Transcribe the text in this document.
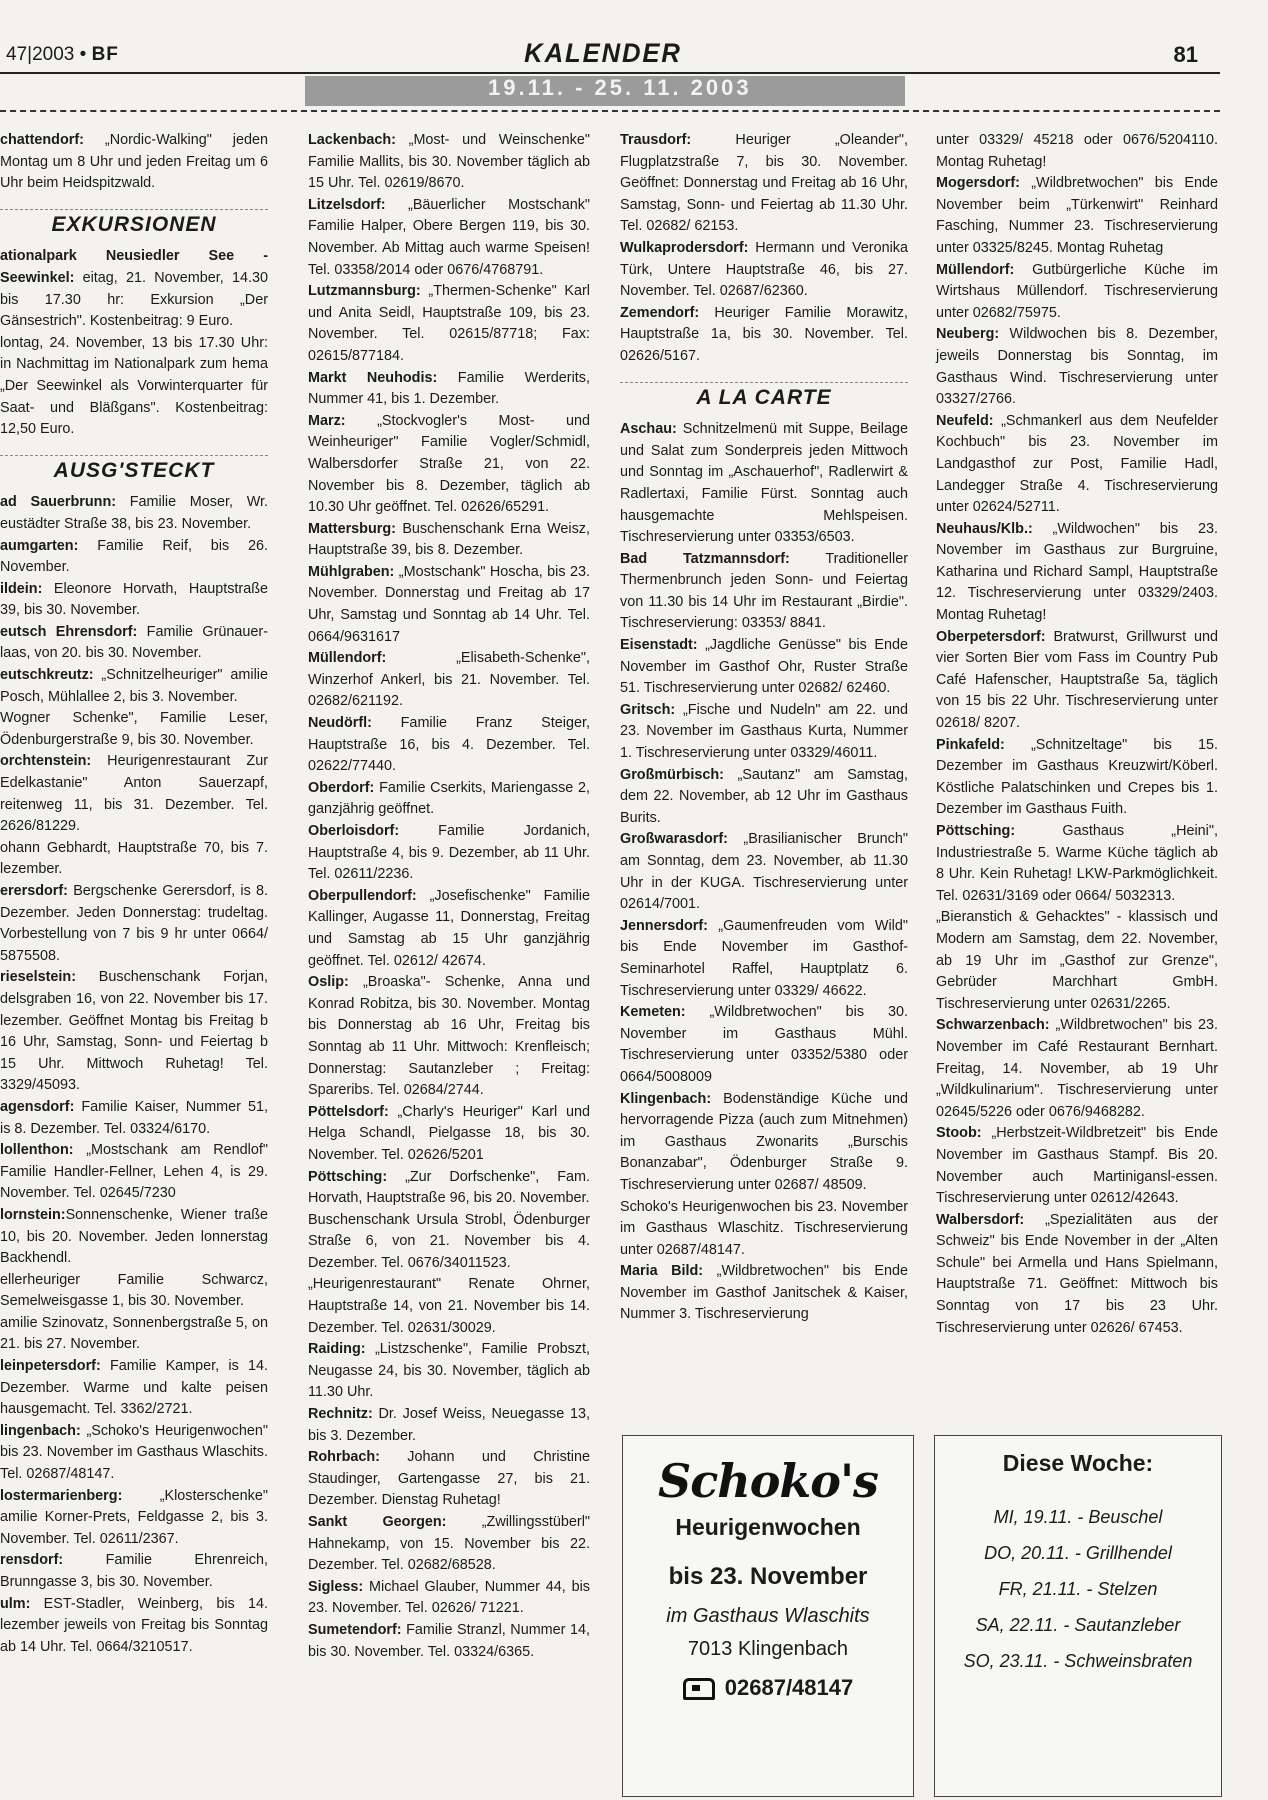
47|2003 • BF	KALENDER	81
19.11. - 25. 11. 2003

chattendorf: „Nordic-Walking" jeden Montag um 8 Uhr und jeden Freitag um 6 Uhr beim Heidspitzwald.

EXKURSIONEN

ationalpark Neusiedler See - Seewinkel: eitag, 21. November, 14.30 bis 17.30 hr: Exkursion „Der Gänsestrich". Kostenbeitrag: 9 Euro.

lontag, 24. November, 13 bis 17.30 Uhr: in Nachmittag im Nationalpark zum hema „Der Seewinkel als Vorwinterquarter für Saat- und Bläßgans". Kostenbeitrag: 12,50 Euro.

AUSG'STECKT

ad Sauerbrunn: Familie Moser, Wr. eustädter Straße 38, bis 23. November.

aumgarten: Familie Reif, bis 26. November.

ildein: Eleonore Horvath, Hauptstraße 39, bis 30. November.

eutsch Ehrensdorf: Familie Grünauer-laas, von 20. bis 30. November.

eutschkreutz: „Schnitzelheuriger" amilie Posch, Mühlallee 2, bis 3. November.

Wogner Schenke", Familie Leser, Ödenburgerstraße 9, bis 30. November.

orchtenstein: Heurigenrestaurant Zur Edelkastanie" Anton Sauerzapf, reitenweg 11, bis 31. Dezember. Tel. 2626/81229.

ohann Gebhardt, Hauptstraße 70, bis 7. lezember.

erersdorf: Bergschenke Gerersdorf, is 8. Dezember. Jeden Donnerstag: trudeltag. Vorbestellung von 7 bis 9 hr unter 0664/ 5875508.

rieselstein: Buschenschank Forjan, delsgraben 16, von 22. November bis 17. lezember. Geöffnet Montag bis Freitag b 16 Uhr, Samstag, Sonn- und Feiertag b 15 Uhr. Mittwoch Ruhetag! Tel. 3329/45093.

agensdorf: Familie Kaiser, Nummer 51, is 8. Dezember. Tel. 03324/6170.

lollenthon: „Mostschank am Rendlof" Familie Handler-Fellner, Lehen 4, is 29. November. Tel. 02645/7230

lornstein:Sonnenschenke, Wiener traße 10, bis 20. November. Jeden lonnerstag Backhendl.

ellerheuriger Familie Schwarcz, Semelweisgasse 1, bis 30. November.

amilie Szinovatz, Sonnenbergstraße 5, on 21. bis 27. November.

leinpetersdorf: Familie Kamper, is 14. Dezember. Warme und kalte peisen hausgemacht. Tel. 3362/2721.

lingenbach: „Schoko's Heurigenwochen" bis 23. November im Gasthaus Wlaschits. Tel. 02687/48147.

lostermarienberg: „Klosterschenke" amilie Korner-Prets, Feldgasse 2, bis 3. November. Tel. 02611/2367.

rensdorf: Familie Ehrenreich, Brunngasse 3, bis 30. November.

ulm: EST-Stadler, Weinberg, bis 14. lezember jeweils von Freitag bis Sonntag ab 14 Uhr. Tel. 0664/3210517.

Lackenbach: „Most- und Weinschenke" Familie Mallits, bis 30. November täglich ab 15 Uhr. Tel. 02619/8670.

Litzelsdorf: „Bäuerlicher Mostschank" Familie Halper, Obere Bergen 119, bis 30. November. Ab Mittag auch warme Speisen! Tel. 03358/2014 oder 0676/4768791.

Lutzmannsburg: „Thermen-Schenke" Karl und Anita Seidl, Hauptstraße 109, bis 23. November. Tel. 02615/87718; Fax: 02615/877184.

Markt Neuhodis: Familie Werderits, Nummer 41, bis 1. Dezember.

Marz: „Stockvogler's Most- und Weinheuriger" Familie Vogler/Schmidl, Walbersdorfer Straße 21, von 22. November bis 8. Dezember, täglich ab 10.30 Uhr geöffnet. Tel. 02626/65291.

Mattersburg: Buschenschank Erna Weisz, Hauptstraße 39, bis 8. Dezember.

Mühlgraben: „Mostschank" Hoscha, bis 23. November. Donnerstag und Freitag ab 17 Uhr, Samstag und Sonntag ab 14 Uhr. Tel. 0664/9631617

Müllendorf: „Elisabeth-Schenke", Winzerhof Ankerl, bis 21. November. Tel. 02682/621192.

Neudörfl: Familie Franz Steiger, Hauptstraße 16, bis 4. Dezember. Tel. 02622/77440.

Oberdorf: Familie Cserkits, Mariengasse 2, ganzjährig geöffnet.

Oberloisdorf: Familie Jordanich, Hauptstraße 4, bis 9. Dezember, ab 11 Uhr. Tel. 02611/2236.

Oberpullendorf: „Josefischenke" Familie Kallinger, Augasse 11, Donnerstag, Freitag und Samstag ab 15 Uhr ganzjährig geöffnet. Tel. 02612/ 42674.

Oslip: „Broaska"- Schenke, Anna und Konrad Robitza, bis 30. November. Montag bis Donnerstag ab 16 Uhr, Freitag bis Sonntag ab 11 Uhr. Mittwoch: Krenfleisch; Donnerstag: Sautanzleber ; Freitag: Spareribs. Tel. 02684/2744.

Pöttelsdorf: „Charly's Heuriger" Karl und Helga Schandl, Pielgasse 18, bis 30. November. Tel. 02626/5201

Pöttsching: „Zur Dorfschenke", Fam. Horvath, Hauptstraße 96, bis 20. November.

Buschenschank Ursula Strobl, Ödenburger Straße 6, von 21. November bis 4. Dezember. Tel. 0676/34011523.

„Heurigenrestaurant" Renate Ohrner, Hauptstraße 14, von 21. November bis 14. Dezember. Tel. 02631/30029.

Raiding: „Listzschenke", Familie Probszt, Neugasse 24, bis 30. November, täglich ab 11.30 Uhr.

Rechnitz: Dr. Josef Weiss, Neuegasse 13, bis 3. Dezember.

Rohrbach: Johann und Christine Staudinger, Gartengasse 27, bis 21. Dezember. Dienstag Ruhetag!

Sankt Georgen: „Zwillingsstüberl" Hahnekamp, von 15. November bis 22. Dezember. Tel. 02682/68528.

Sigless: Michael Glauber, Nummer 44, bis 23. November. Tel. 02626/ 71221.

Sumetendorf: Familie Stranzl, Nummer 14, bis 30. November. Tel. 03324/6365.

Trausdorf: Heuriger „Oleander", Flugplatzstraße 7, bis 30. November. Geöffnet: Donnerstag und Freitag ab 16 Uhr, Samstag, Sonn- und Feiertag ab 11.30 Uhr. Tel. 02682/ 62153.

Wulkaprodersdorf: Hermann und Veronika Türk, Untere Hauptstraße 46, bis 27. November. Tel. 02687/62360.

Zemendorf: Heuriger Familie Morawitz, Hauptstraße 1a, bis 30. November. Tel. 02626/5167.

A LA CARTE

Aschau: Schnitzelmenü mit Suppe, Beilage und Salat zum Sonderpreis jeden Mittwoch und Sonntag im „Aschauerhof", Radlerwirt & Radlertaxi, Familie Fürst. Sonntag auch hausgemachte Mehlspeisen. Tischreservierung unter 03353/6503.

Bad Tatzmannsdorf: Traditioneller Thermenbrunch jeden Sonn- und Feiertag von 11.30 bis 14 Uhr im Restaurant „Birdie". Tischreservierung: 03353/ 8841.

Eisenstadt: „Jagdliche Genüsse" bis Ende November im Gasthof Ohr, Ruster Straße 51. Tischreservierung unter 02682/ 62460.

Gritsch: „Fische und Nudeln" am 22. und 23. November im Gasthaus Kurta, Nummer 1. Tischreservierung unter 03329/46011.

Großmürbisch: „Sautanz" am Samstag, dem 22. November, ab 12 Uhr im Gasthaus Burits.

Großwarasdorf: „Brasilianischer Brunch" am Sonntag, dem 23. November, ab 11.30 Uhr in der KUGA. Tischreservierung unter 02614/7001.

Jennersdorf: „Gaumenfreuden vom Wild" bis Ende November im Gasthof-Seminarhotel Raffel, Hauptplatz 6. Tischreservierung unter 03329/ 46622.

Kemeten: „Wildbretwochen" bis 30. November im Gasthaus Mühl. Tischreservierung unter 03352/5380 oder 0664/5008009

Klingenbach: Bodenständige Küche und hervorragende Pizza (auch zum Mitnehmen) im Gasthaus Zwonarits „Burschis Bonanzabar", Ödenburger Straße 9. Tischreservierung unter 02687/ 48509.

Schoko's Heurigenwochen bis 23. November im Gasthaus Wlaschitz. Tischreservierung unter 02687/48147.

Maria Bild: „Wildbretwochen" bis Ende November im Gasthof Janitschek & Kaiser, Nummer 3. Tischreservierung

unter 03329/ 45218 oder 0676/5204110. Montag Ruhetag!

Mogersdorf: „Wildbretwochen" bis Ende November beim „Türkenwirt" Reinhard Fasching, Nummer 23. Tischreservierung unter 03325/8245. Montag Ruhetag

Müllendorf: Gutbürgerliche Küche im Wirtshaus Müllendorf. Tischreservierung unter 02682/75975.

Neuberg: Wildwochen bis 8. Dezember, jeweils Donnerstag bis Sonntag, im Gasthaus Wind. Tischreservierung unter 03327/2766.

Neufeld: „Schmankerl aus dem Neufelder Kochbuch" bis 23. November im Landgasthof zur Post, Familie Hadl, Landegger Straße 4. Tischreservierung unter 02624/52711.

Neuhaus/Klb.: „Wildwochen" bis 23. November im Gasthaus zur Burgruine, Katharina und Richard Sampl, Hauptstraße 12. Tischreservierung unter 03329/2403. Montag Ruhetag!

Oberpetersdorf: Bratwurst, Grillwurst und vier Sorten Bier vom Fass im Country Pub Café Hafenscher, Hauptstraße 5a, täglich von 15 bis 22 Uhr. Tischreservierung unter 02618/ 8207.

Pinkafeld: „Schnitzeltage" bis 15. Dezember im Gasthaus Kreuzwirt/Köberl. Köstliche Palatschinken und Crepes bis 1. Dezember im Gasthaus Fuith.

Pöttsching: Gasthaus „Heini", Industriestraße 5. Warme Küche täglich ab 8 Uhr. Kein Ruhetag! LKW-Parkmöglichkeit. Tel. 02631/3169 oder 0664/ 5032313.

„Bieranstich & Gehacktes" - klassisch und Modern am Samstag, dem 22. November, ab 19 Uhr im „Gasthof zur Grenze", Gebrüder Marchhart GmbH. Tischreservierung unter 02631/2265.

Schwarzenbach: „Wildbretwochen" bis 23. November im Café Restaurant Bernhart. Freitag, 14. November, ab 19 Uhr „Wildkulinarium". Tischreservierung unter 02645/5226 oder 0676/9468282.

Stoob: „Herbstzeit-Wildbretzeit" bis Ende November im Gasthaus Stampf. Bis 20. November auch Martinigansl-essen. Tischreservierung unter 02612/42643.

Walbersdorf: „Spezialitäten aus der Schweiz" bis Ende November in der „Alten Schule" bei Armella und Hans Spielmann, Hauptstraße 71. Geöffnet: Mittwoch bis Sonntag von 17 bis 23 Uhr. Tischreservierung unter 02626/ 67453.

Schoko's
Heurigenwochen
bis 23. November
im Gasthaus Wlaschits
7013 Klingenbach
02687/48147
Diese Woche:
MI, 19.11. - Beuschel
DO, 20.11. - Grillhendel
FR, 21.11. - Stelzen
SA, 22.11. - Sautanzleber
SO, 23.11. - Schweinsbraten
